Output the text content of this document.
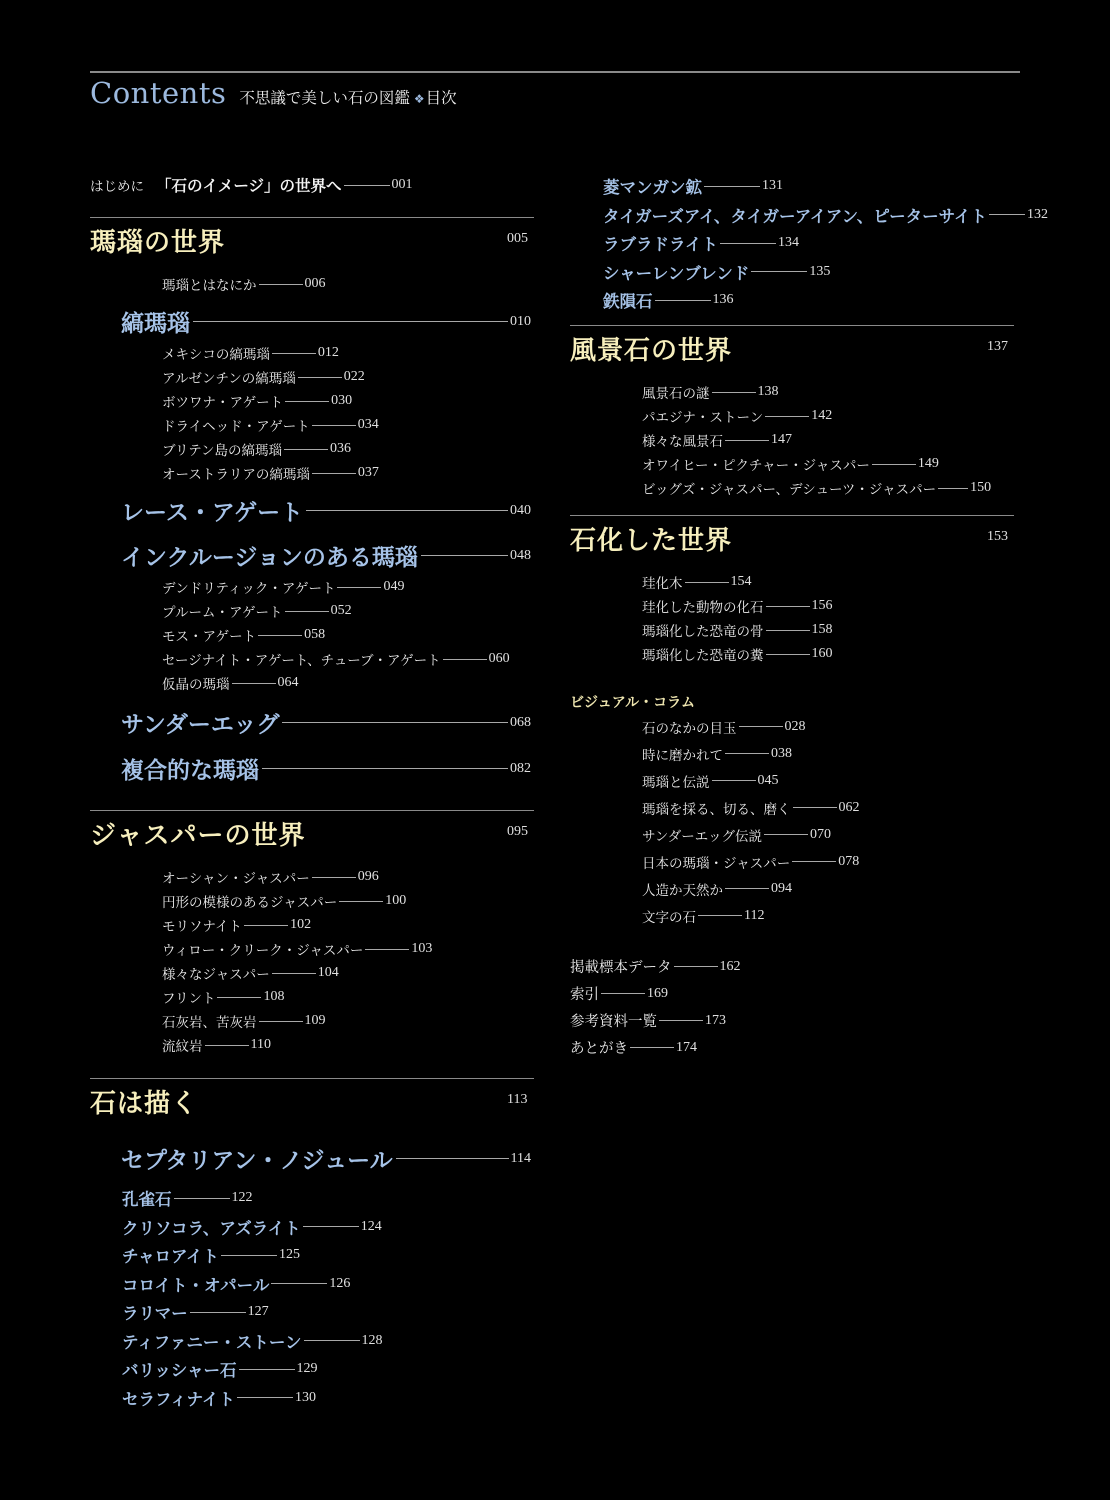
Contents 不思議で美しい石の図鑑 ❖ 目次
はじめに 「石のイメージ」の世界へ	001
瑪瑙の世界	005
瑪瑙とはなにか	006
縞瑪瑙	010
メキシコの縞瑪瑙	012
アルゼンチンの縞瑪瑙	022
ボツワナ・アゲート	030
ドライヘッド・アゲート	034
ブリテン島の縞瑪瑙	036
オーストラリアの縞瑪瑙	037
レース・アゲート	040
インクルージョンのある瑪瑙	048
デンドリティック・アゲート	049
プルーム・アゲート	052
モス・アゲート	058
セージナイト・アゲート、チューブ・アゲート	060
仮晶の瑪瑙	064
サンダーエッグ	068
複合的な瑪瑙	082
ジャスパーの世界	095
オーシャン・ジャスパー	096
円形の模様のあるジャスパー	100
モリソナイト	102
ウィロー・クリーク・ジャスパー	103
様々なジャスパー	104
フリント	108
石灰岩、苦灰岩	109
流紋岩	110
石は描く	113
セプタリアン・ノジュール	114
孔雀石	122
クリソコラ、アズライト	124
チャロアイト	125
コロイト・オパール	126
ラリマー	127
ティファニー・ストーン	128
バリッシャー石	129
セラフィナイト	130
菱マンガン鉱	131
タイガーズアイ、タイガーアイアン、ピーターサイト	132
ラブラドライト	134
シャーレンブレンド	135
鉄隕石	136
風景石の世界	137
風景石の謎	138
パエジナ・ストーン	142
様々な風景石	147
オワイヒー・ピクチャー・ジャスパー	149
ビッグズ・ジャスパー、デシューツ・ジャスパー 150
石化した世界	153
珪化木	154
珪化した動物の化石	156
瑪瑙化した恐竜の骨	158
瑪瑙化した恐竜の糞	160
ビジュアル・コラム
石のなかの目玉	028
時に磨かれて	038
瑪瑙と伝説	045
瑪瑙を採る、切る、磨く	062
サンダーエッグ伝説	070
日本の瑪瑙・ジャスパー	078
人造か天然か	094
文字の石	112
掲載標本データ	162
索引	169
参考資料一覧	173
あとがき	174
